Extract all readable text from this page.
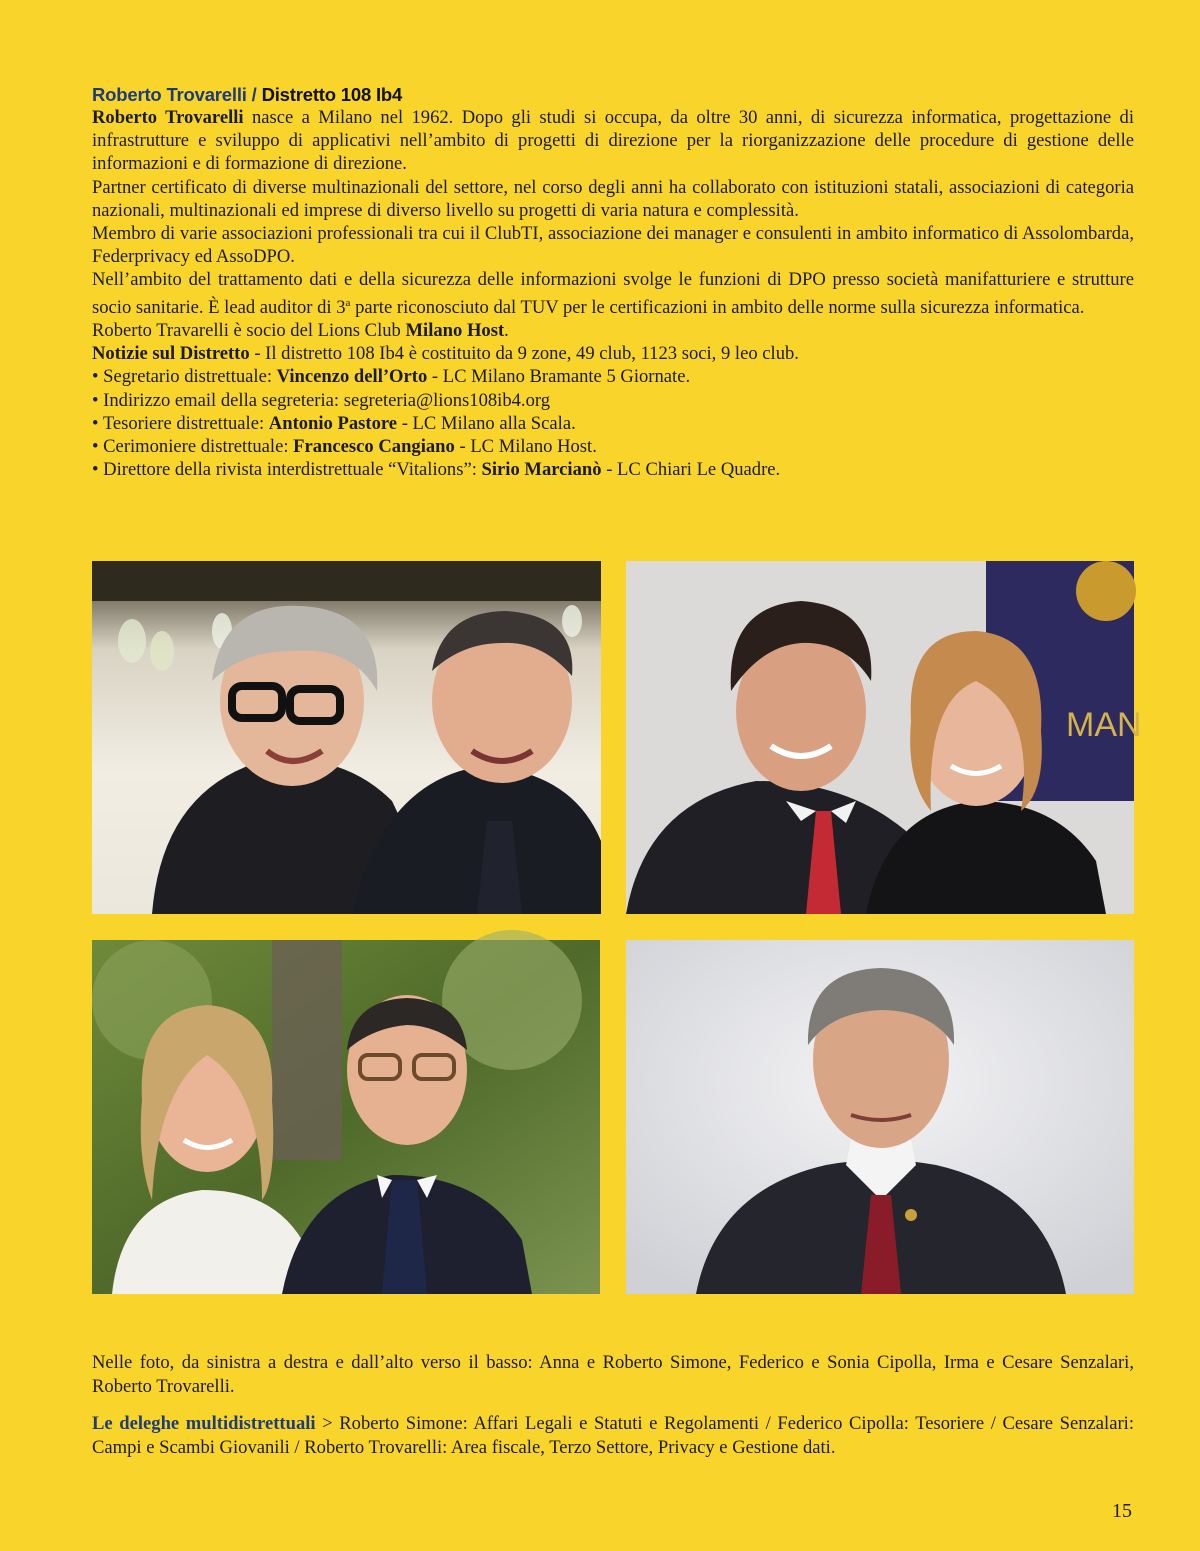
Roberto Trovarelli / Distretto 108 Ib4

Roberto Trovarelli nasce a Milano nel 1962. Dopo gli studi si occupa, da oltre 30 anni, di sicurezza informatica, progettazione di infrastrutture e sviluppo di applicativi nell’ambito di progetti di direzione per la riorganizzazione delle procedure di gestione delle informazioni e di formazione di direzione.

Partner certificato di diverse multinazionali del settore, nel corso degli anni ha collaborato con istituzioni statali, associazioni di categoria nazionali, multinazionali ed imprese di diverso livello su progetti di varia natura e complessità.

Membro di varie associazioni professionali tra cui il ClubTI, associazione dei manager e consulenti in ambito informatico di Assolombarda, Federprivacy ed AssoDPO.

Nell’ambito del trattamento dati e della sicurezza delle informazioni svolge le funzioni di DPO presso società manifatturiere e strutture socio sanitarie. È lead auditor di 3$^a$ parte riconosciuto dal TUV per le certificazioni in ambito delle norme sulla sicurezza informatica.

Roberto Travarelli è socio del Lions Club Milano Host.

Notizie sul Distretto - Il distretto 108 Ib4 è costituito da 9 zone, 49 club, 1123 soci, 9 leo club.

• Segretario distrettuale: Vincenzo dell’Orto - LC Milano Bramante 5 Giornate.

• Indirizzo email della segreteria: segreteria@lions108ib4.org

• Tesoriere distrettuale: Antonio Pastore - LC Milano alla Scala.

• Cerimoniere distrettuale: Francesco Cangiano - LC Milano Host.

• Direttore della rivista interdistrettuale “Vitalions”: Sirio Marcianò - LC Chiari Le Quadre.

MAN

Nelle foto, da sinistra a destra e dall’alto verso il basso: Anna e Roberto Simone, Federico e Sonia Cipolla, Irma e Cesare Senzalari, Roberto Trovarelli.

Le deleghe multidistrettuali > Roberto Simone: Affari Legali e Statuti e Regolamenti / Federico Cipolla: Tesoriere / Cesare Senzalari: Campi e Scambi Giovanili / Roberto Trovarelli: Area fiscale, Terzo Settore, Privacy e Gestione dati.

15
